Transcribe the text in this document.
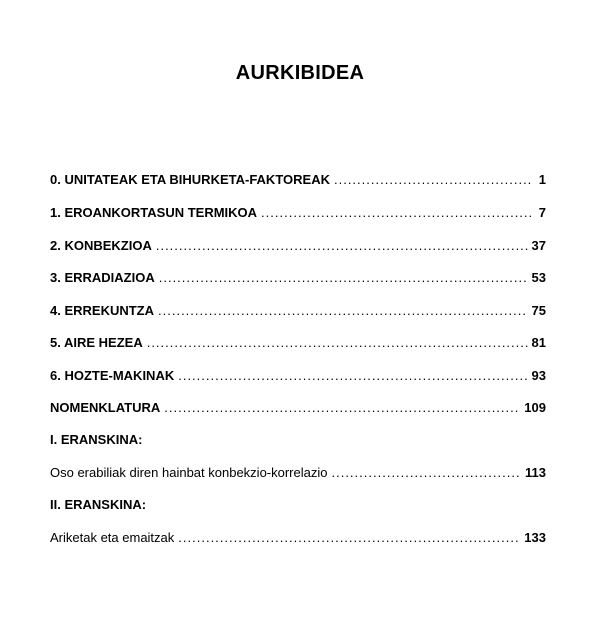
AURKIBIDEA
0. UNITATEAK ETA BIHURKETA-FAKTOREAK .....	1
1. EROANKORTASUN TERMIKOA .....	7
2. KONBEKZIOA .....	37
3. ERRADIAZIOA .....	53
4. ERREKUNTZA .....	75
5. AIRE HEZEA .....	81
6. HOZTE-MAKINAK .....	93
NOMENKLATURA .....	109
I. ERANSKINA:
Oso erabiliak diren hainbat konbekzio-korrelazio .....	113
II. ERANSKINA:
Ariketak eta emaitzak .....	133
